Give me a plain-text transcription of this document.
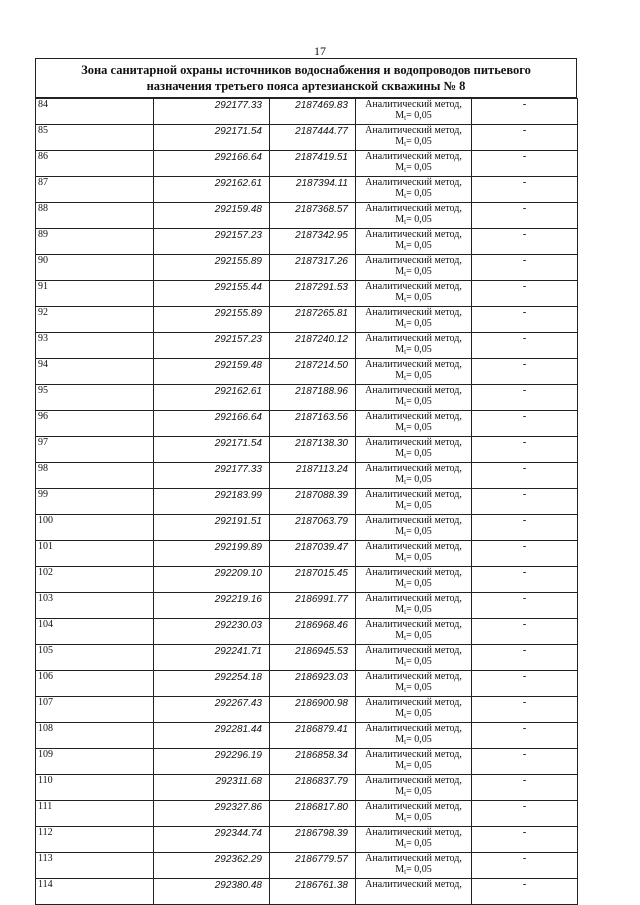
17
Зона санитарной охраны источников водоснабжения и водопроводов питьевого
назначения третьего пояса артезианской скважины № 8
84	292177.33	2187469.83	Аналитический метод,
$M_t= 0,05$	-
85	292171.54	2187444.77	Аналитический метод,
$M_t= 0,05$	-
86	292166.64	2187419.51	Аналитический метод,
$M_t= 0,05$	-
87	292162.61	2187394.11	Аналитический метод,
$M_t= 0,05$	-
88	292159.48	2187368.57	Аналитический метод,
$M_t= 0,05$	-
89	292157.23	2187342.95	Аналитический метод,
$M_t= 0,05$	-
90	292155.89	2187317.26	Аналитический метод,
$M_t= 0,05$	-
91	292155.44	2187291.53	Аналитический метод,
$M_t= 0,05$	-
92	292155.89	2187265.81	Аналитический метод,
$M_t= 0,05$	-
93	292157.23	2187240.12	Аналитический метод,
$M_t= 0,05$	-
94	292159.48	2187214.50	Аналитический метод,
$M_t= 0,05$	-
95	292162.61	2187188.96	Аналитический метод,
$M_t= 0,05$	-
96	292166.64	2187163.56	Аналитический метод,
$M_t= 0,05$	-
97	292171.54	2187138.30	Аналитический метод,
$M_t= 0,05$	-
98	292177.33	2187113.24	Аналитический метод,
$M_t= 0,05$	-
99	292183.99	2187088.39	Аналитический метод,
$M_t= 0,05$	-
100	292191.51	2187063.79	Аналитический метод,
$M_t= 0,05$	-
101	292199.89	2187039.47	Аналитический метод,
$M_t= 0,05$	-
102	292209.10	2187015.45	Аналитический метод,
$M_t= 0,05$	-
103	292219.16	2186991.77	Аналитический метод,
$M_t= 0,05$	-
104	292230.03	2186968.46	Аналитический метод,
$M_t= 0,05$	-
105	292241.71	2186945.53	Аналитический метод,
$M_t= 0,05$	-
106	292254.18	2186923.03	Аналитический метод,
$M_t= 0,05$	-
107	292267.43	2186900.98	Аналитический метод,
$M_t= 0,05$	-
108	292281.44	2186879.41	Аналитический метод,
$M_t= 0,05$	-
109	292296.19	2186858.34	Аналитический метод,
$M_t= 0,05$	-
110	292311.68	2186837.79	Аналитический метод,
$M_t= 0,05$	-
111	292327.86	2186817.80	Аналитический метод,
$M_t= 0,05$	-
112	292344.74	2186798.39	Аналитический метод,
$M_t= 0,05$	-
113	292362.29	2186779.57	Аналитический метод,
$M_t= 0,05$	-
114	292380.48	2186761.38	Аналитический метод,	-
